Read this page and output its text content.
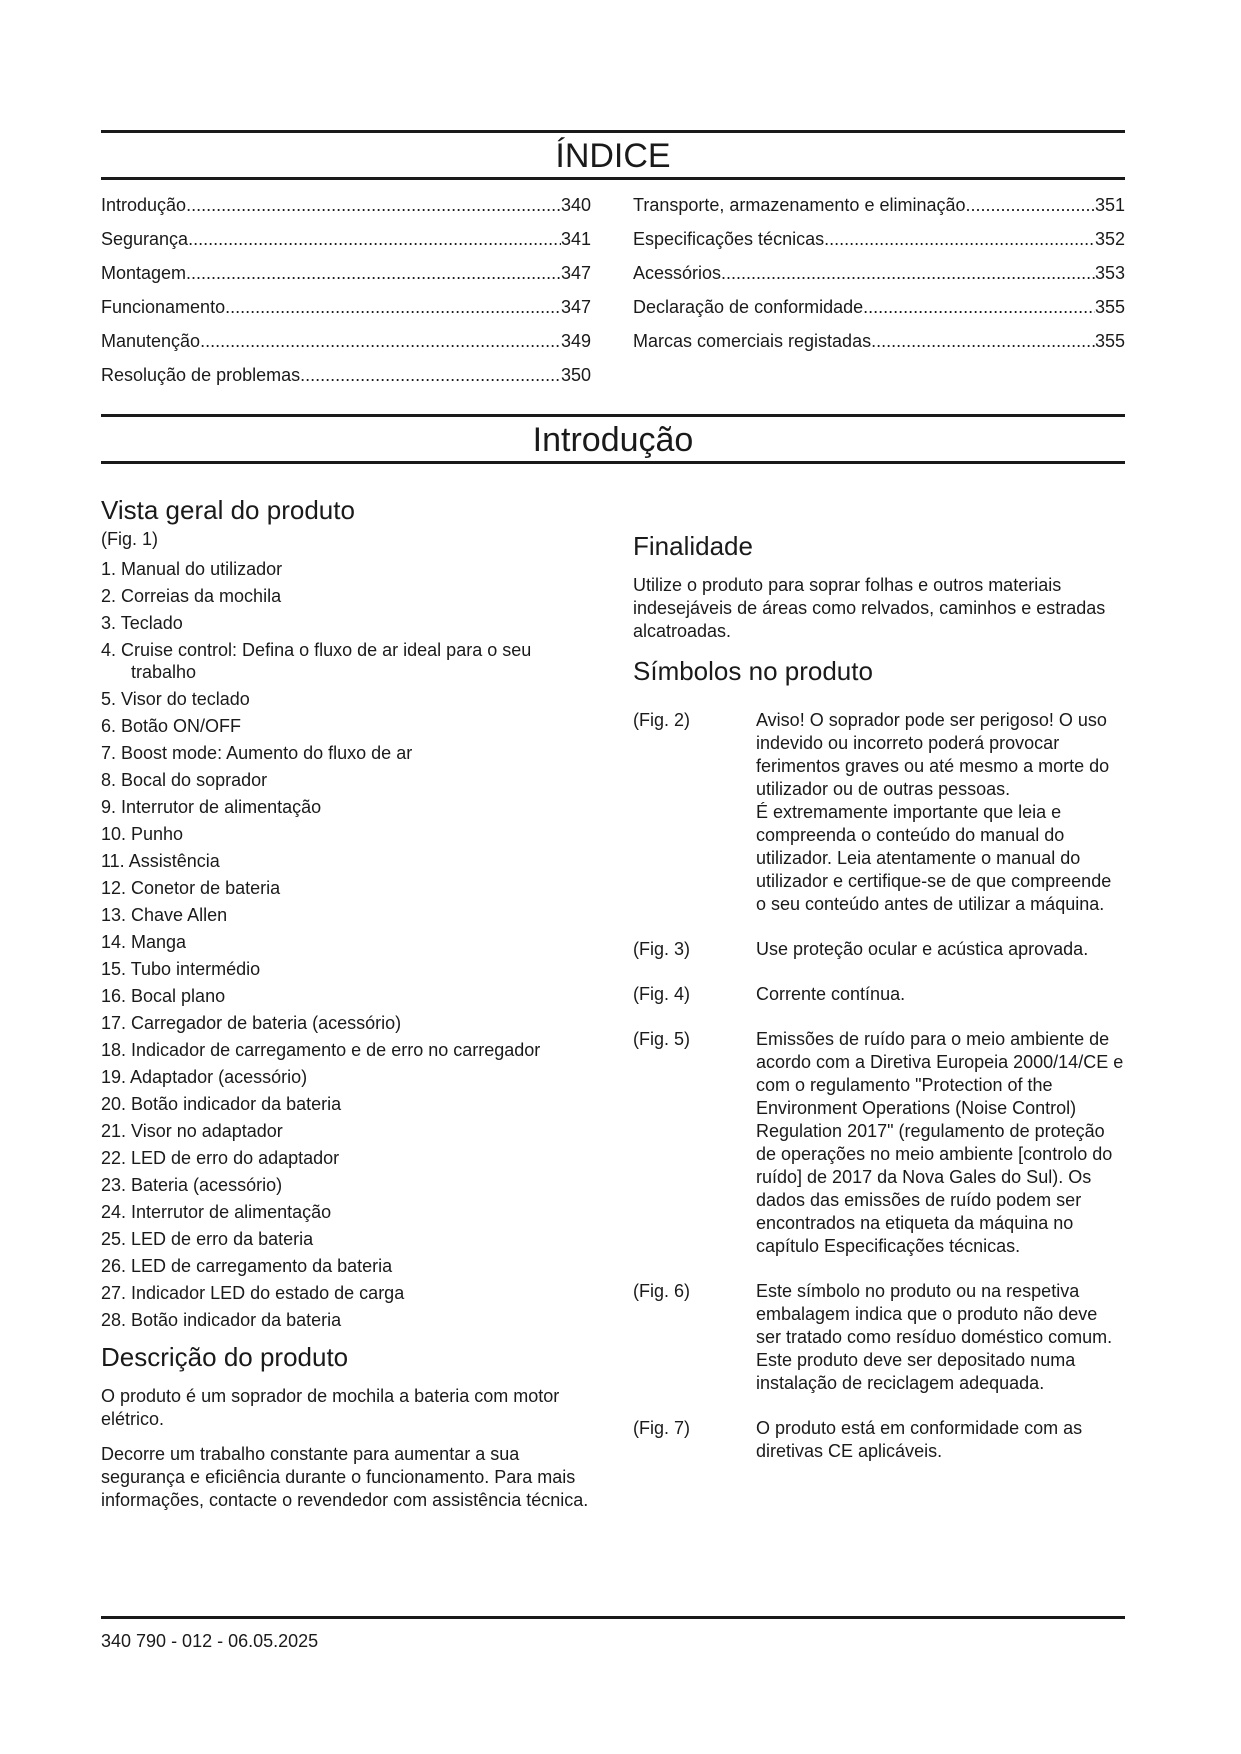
ÍNDICE
Introdução .....	340
Segurança .....	341
Montagem .....	347
Funcionamento .....	347
Manutenção .....	349
Resolução de problemas .....	350
Transporte, armazenamento e eliminação .....	351
Especificações técnicas .....	352
Acessórios .....	353
Declaração de conformidade .....	355
Marcas comerciais registadas .....	355
Introdução
Vista geral do produto
(Fig. 1)
1. Manual do utilizador
2. Correias da mochila
3. Teclado
4. Cruise control: Defina o fluxo de ar ideal para o seu trabalho
5. Visor do teclado
6. Botão ON/OFF
7. Boost mode: Aumento do fluxo de ar
8. Bocal do soprador
9. Interrutor de alimentação
10. Punho
11. Assistência
12. Conetor de bateria
13. Chave Allen
14. Manga
15. Tubo intermédio
16. Bocal plano
17. Carregador de bateria (acessório)
18. Indicador de carregamento e de erro no carregador
19. Adaptador (acessório)
20. Botão indicador da bateria
21. Visor no adaptador
22. LED de erro do adaptador
23. Bateria (acessório)
24. Interrutor de alimentação
25. LED de erro da bateria
26. LED de carregamento da bateria
27. Indicador LED do estado de carga
28. Botão indicador da bateria
Descrição do produto

O produto é um soprador de mochila a bateria com motor elétrico.

Decorre um trabalho constante para aumentar a sua segurança e eficiência durante o funcionamento. Para mais informações, contacte o revendedor com assistência técnica.

Finalidade

Utilize o produto para soprar folhas e outros materiais indesejáveis de áreas como relvados, caminhos e estradas alcatroadas.

Símbolos no produto
(Fig. 2)	Aviso! O soprador pode ser perigoso! O uso indevido ou incorreto poderá provocar ferimentos graves ou até mesmo a morte do utilizador ou de outras pessoas.
É extremamente importante que leia e compreenda o conteúdo do manual do utilizador. Leia atentamente o manual do utilizador e certifique-se de que compreende o seu conteúdo antes de utilizar a máquina.
(Fig. 3)	Use proteção ocular e acústica aprovada.
(Fig. 4)	Corrente contínua.
(Fig. 5)	Emissões de ruído para o meio ambiente de acordo com a Diretiva Europeia 2000/14/CE e com o regulamento "Protection of the Environment Operations (Noise Control) Regulation 2017" (regulamento de proteção de operações no meio ambiente [controlo do ruído] de 2017 da Nova Gales do Sul). Os dados das emissões de ruído podem ser encontrados na etiqueta da máquina no capítulo Especificações técnicas.
(Fig. 6)	Este símbolo no produto ou na respetiva embalagem indica que o produto não deve ser tratado como resíduo doméstico comum. Este produto deve ser depositado numa instalação de reciclagem adequada.
(Fig. 7)	O produto está em conformidade com as diretivas CE aplicáveis.
340 790 - 012 - 06.05.2025
